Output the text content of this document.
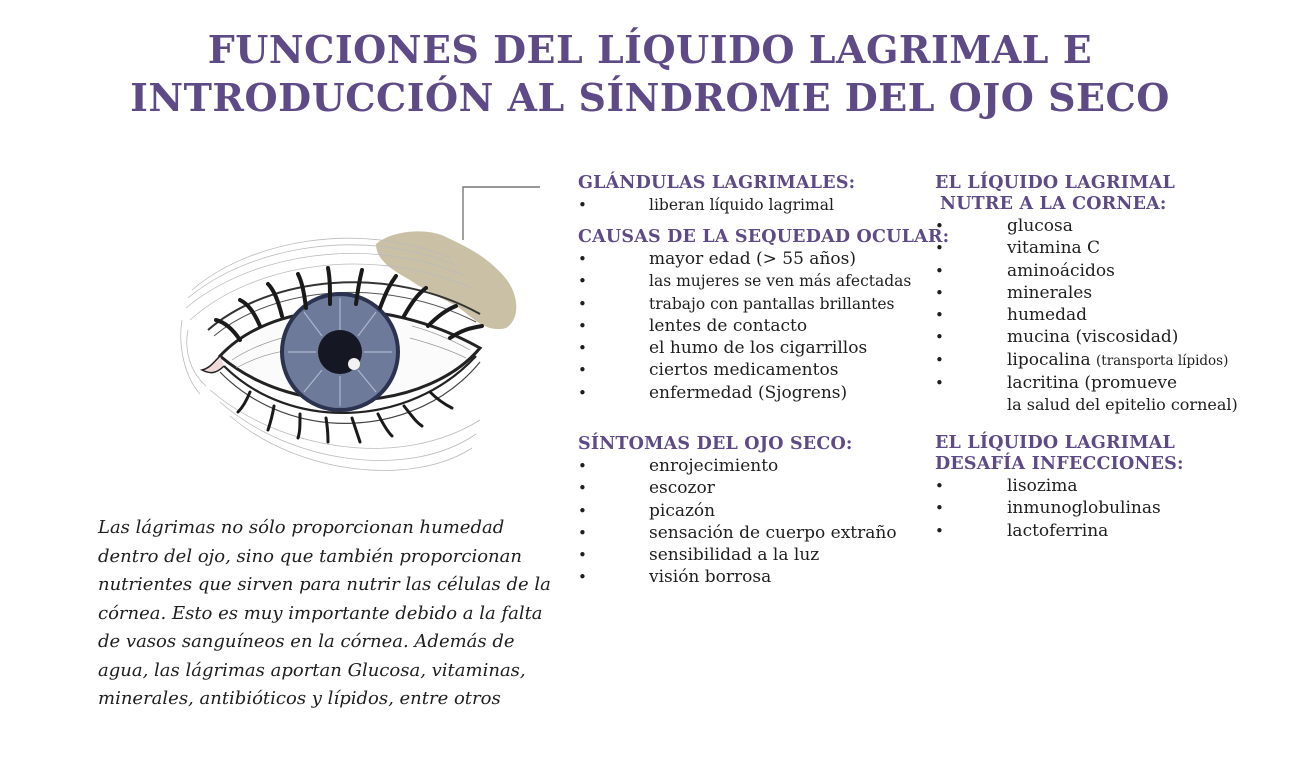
FUNCIONES DEL LÍQUIDO LAGRIMAL E
INTRODUCCIÓN AL SÍNDROME DEL OJO SECO
GLÁNDULAS LAGRIMALES:
• liberan líquido lagrimal
CAUSAS DE LA SEQUEDAD OCULAR:
• mayor edad (> 55 años)
• las mujeres se ven más afectadas
• trabajo con pantallas brillantes
• lentes de contacto
• el humo de los cigarrillos
• ciertos medicamentos
• enfermedad (Sjogrens)
SÍNTOMAS DEL OJO SECO:
• enrojecimiento
• escozor
• picazón
• sensación de cuerpo extraño
• sensibilidad a la luz
• visión borrosa
EL LÍQUIDO LAGRIMAL
NUTRE A LA CORNEA:
• glucosa
• vitamina C
• aminoácidos
• minerales
• humedad
• mucina (viscosidad)
• lipocalina (transporta lípidos)
• lacritina (promueve
la salud del epitelio corneal)
EL LÍQUIDO LAGRIMAL
DESAFÍA INFECCIONES:
• lisozima
• inmunoglobulinas
• lactoferrina

Las lágrimas no sólo proporcionan humedad dentro del ojo, sino que también proporcionan nutrientes que sirven para nutrir las células de la córnea. Esto es muy importante debido a la falta de vasos sanguíneos en la córnea. Además de agua, las lágrimas aportan Glucosa, vitaminas, minerales, antibióticos y lípidos, entre otros
